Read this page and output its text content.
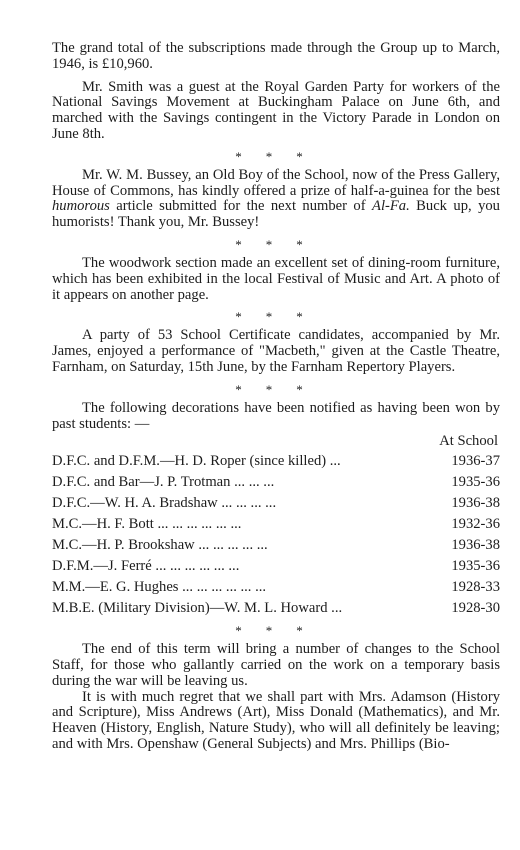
The grand total of the subscriptions made through the Group up to March, 1946, is £10,960.

Mr. Smith was a guest at the Royal Garden Party for workers of the National Savings Movement at Buckingham Palace on June 6th, and marched with the Savings contingent in the Victory Parade in London on June 8th.

***

Mr. W. M. Bussey, an Old Boy of the School, now of the Press Gallery, House of Commons, has kindly offered a prize of half-a-guinea for the best humorous article submitted for the next number of Al-Fa. Buck up, you humorists! Thank you, Mr. Bussey!

***

The woodwork section made an excellent set of dining-room furniture, which has been exhibited in the local Festival of Music and Art. A photo of it appears on another page.

***

A party of 53 School Certificate candidates, accompanied by Mr. James, enjoyed a performance of "Macbeth," given at the Castle Theatre, Farnham, on Saturday, 15th June, by the Farnham Repertory Players.

***

The following decorations have been notified as having been won by past students: —

At School
D.F.C. and D.F.M.—H. D. Roper (since killed) ...	1936-37
D.F.C. and Bar—J. P. Trotman ... ... ...	1935-36
D.F.C.—W. H. A. Bradshaw ... ... ... ...	1936-38
M.C.—H. F. Bott ... ... ... ... ... ...	1932-36
M.C.—H. P. Brookshaw ... ... ... ... ...	1936-38
D.F.M.—J. Ferré ... ... ... ... ... ...	1935-36
M.M.—E. G. Hughes ... ... ... ... ... ...	1928-33
M.B.E. (Military Division)—W. M. L. Howard ...	1928-30
***

The end of this term will bring a number of changes to the School Staff, for those who gallantly carried on the work on a temporary basis during the war will be leaving us.

It is with much regret that we shall part with Mrs. Adamson (History and Scripture), Miss Andrews (Art), Miss Donald (Mathematics), and Mr. Heaven (History, English, Nature Study), who will all definitely be leaving; and with Mrs. Openshaw (General Subjects) and Mrs. Phillips (Bio-
